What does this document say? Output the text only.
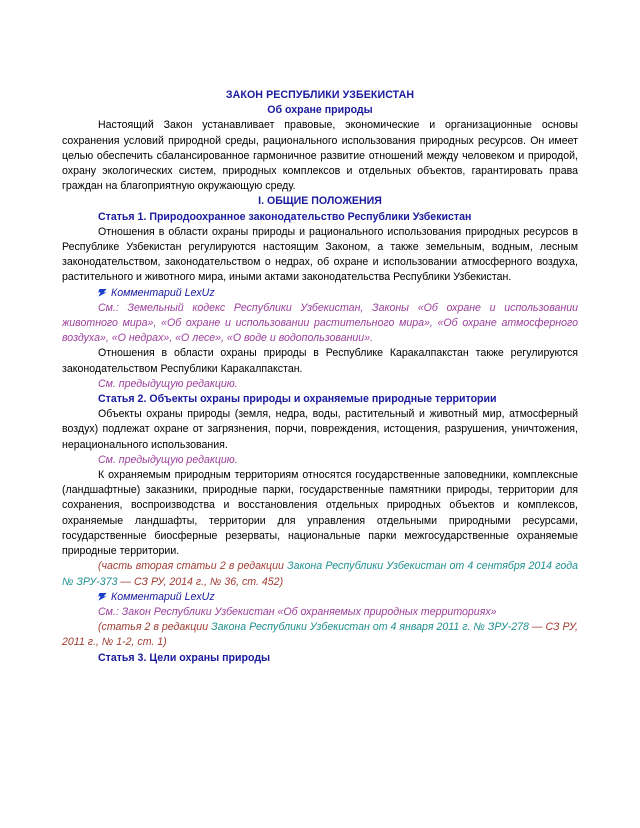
ЗАКОН РЕСПУБЛИКИ УЗБЕКИСТАН
Об охране природы

Настоящий Закон устанавливает правовые, экономические и организационные основы сохранения условий природной среды, рационального использования природных ресурсов. Он имеет целью обеспечить сбалансированное гармоничное развитие отношений между человеком и природой, охрану экологических систем, природных комплексов и отдельных объектов, гарантировать права граждан на благоприятную окружающую среду.

I. ОБЩИЕ ПОЛОЖЕНИЯ
Статья 1. Природоохранное законодательство Республики Узбекистан

Отношения в области охраны природы и рационального использования природных ресурсов в Республике Узбекистан регулируются настоящим Законом, а также земельным, водным, лесным законодательством, законодательством о недрах, об охране и использовании атмосферного воздуха, растительного и животного мира, иными актами законодательства Республики Узбекистан.

Комментарий LexUz

См.: Земельный кодекс Республики Узбекистан, Законы «Об охране и использовании животного мира», «Об охране и использовании растительного мира», «Об охране атмосферного воздуха», «О недрах», «О лесе», «О воде и водопользовании».

Отношения в области охраны природы в Республике Каракалпакстан также регулируются законодательством Республики Каракалпакстан.

См. предыдущую редакцию.

Статья 2. Объекты охраны природы и охраняемые природные территории

Объекты охраны природы (земля, недра, воды, растительный и животный мир, атмосферный воздух) подлежат охране от загрязнения, порчи, повреждения, истощения, разрушения, уничтожения, нерационального использования.

См. предыдущую редакцию.

К охраняемым природным территориям относятся государственные заповедники, комплексные (ландшафтные) заказники, природные парки, государственные памятники природы, территории для сохранения, воспроизводства и восстановления отдельных природных объектов и комплексов, охраняемые ландшафты, территории для управления отдельными природными ресурсами, государственные биосферные резерваты, национальные парки межгосударственные охраняемые природные территории.

(часть вторая статьи 2 в редакции Закона Республики Узбекистан от 4 сентября 2014 года № ЗРУ-373 — СЗ РУ, 2014 г., № 36, ст. 452)

Комментарий LexUz

См.: Закон Республики Узбекистан «Об охраняемых природных территориях»

(статья 2 в редакции Закона Республики Узбекистан от 4 января 2011 г. № ЗРУ-278 — СЗ РУ, 2011 г., № 1-2, ст. 1)

Статья 3. Цели охраны природы
